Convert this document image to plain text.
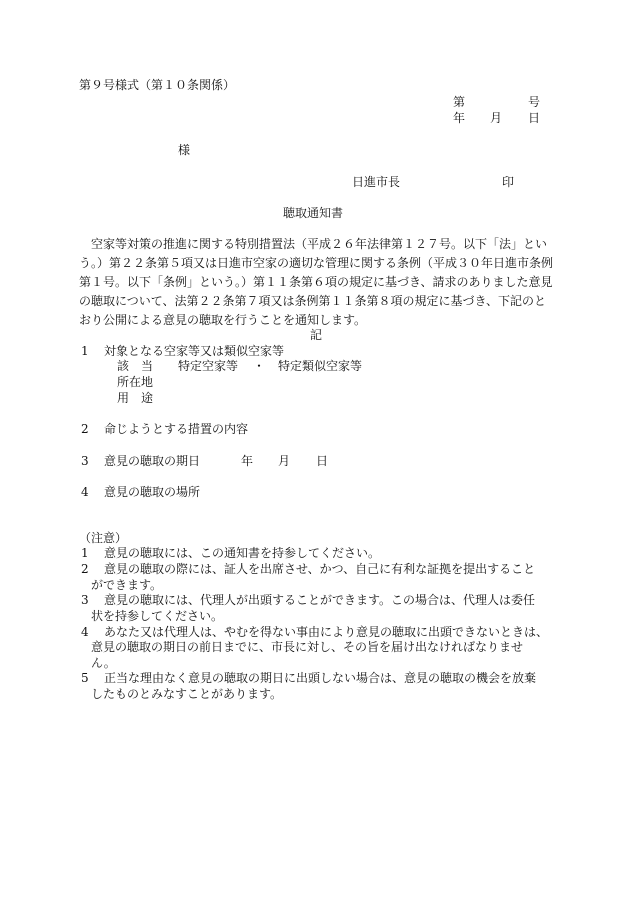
第９号様式（第１０条関係）
第	号
年 月 日
様
日進市長	印
聴取通知書
　空家等対策の推進に関する特別措置法（平成２６年法律第１２７号。以下「法」という。）第２２条第５項又は日進市空家の適切な管理に関する条例（平成３０年日進市条例第１号。以下「条例」という。）第１１条第６項の規定に基づき、請求のありました意見の聴取について、法第２２条第７項又は条例第１１条第８項の規定に基づき、下記のとおり公開による意見の聴取を行うことを通知します。
記
1 対象となる空家等又は類似空家等
該　当 特定空家等 ・ 特定類似空家等
所在地
用　途
2 命じようとする措置の内容
3 意見の聴取の期日	年 月 日
4 意見の聴取の場所
（注意）
1 意見の聴取には、この通知書を持参してください。
2 意見の聴取の際には、証人を出席させ、かつ、自己に有利な証拠を提出すること
ができます。
3 意見の聴取には、代理人が出頭することができます。この場合は、代理人は委任
状を持参してください。
4 あなた又は代理人は、やむを得ない事由により意見の聴取に出頭できないときは、
意見の聴取の期日の前日までに、市長に対し、その旨を届け出なければなりませ
ん。
5 正当な理由なく意見の聴取の期日に出頭しない場合は、意見の聴取の機会を放棄
したものとみなすことがあります。
